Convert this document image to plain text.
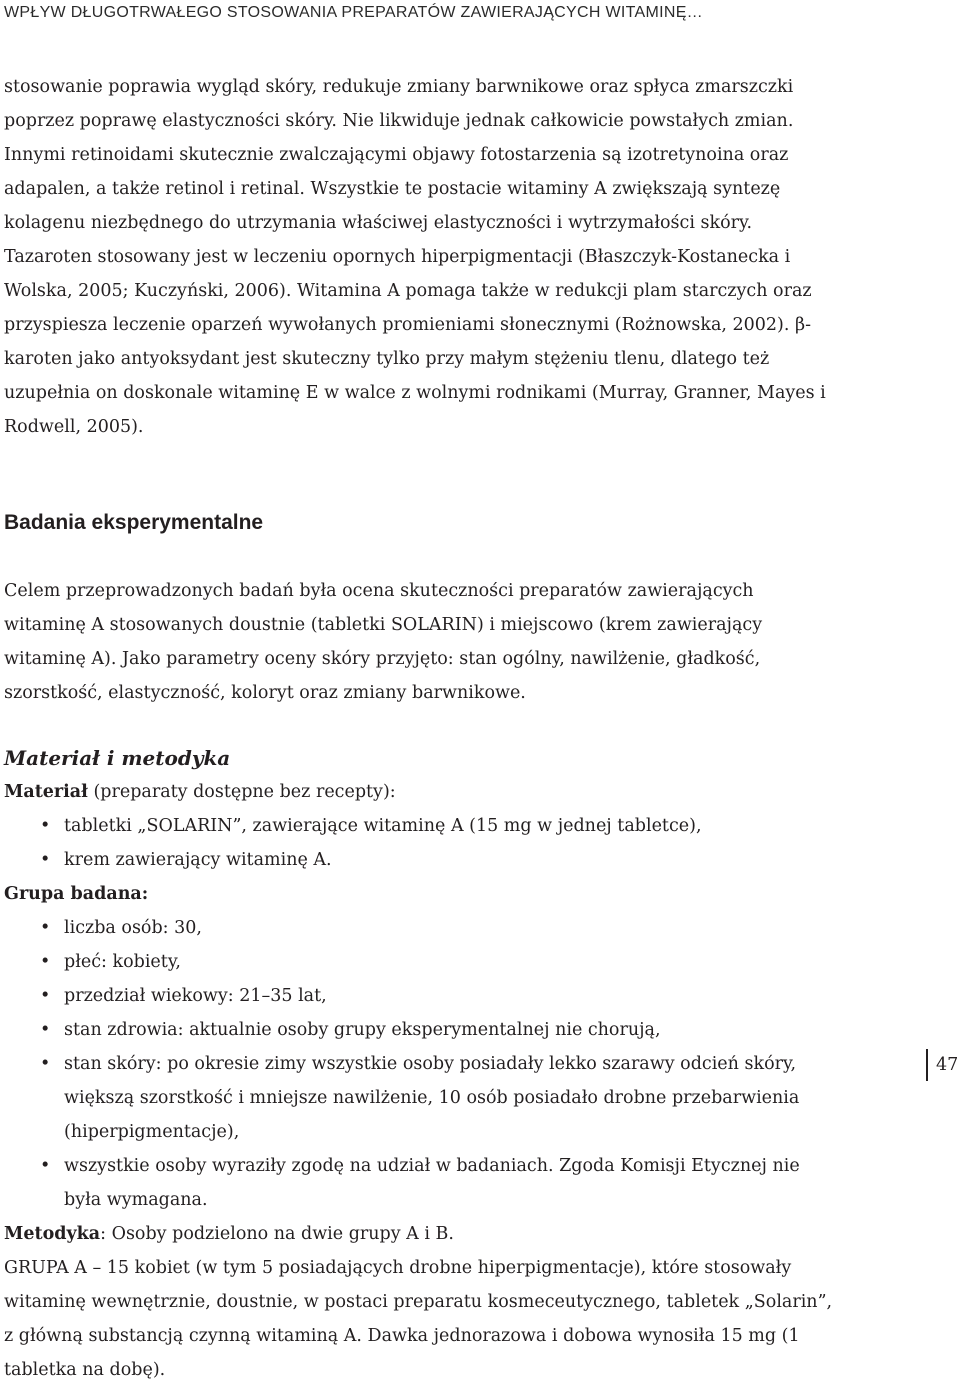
WPŁYW DŁUGOTRWAŁEGO STOSOWANIA PREPARATÓW ZAWIERAJĄCYCH WITAMINĘ…

stosowanie poprawia wygląd skóry, redukuje zmiany barwnikowe oraz spłyca zmarszczki poprzez poprawę elastyczności skóry. Nie likwiduje jednak całkowicie powstałych zmian. Innymi retinoidami skutecznie zwalczającymi objawy fotostarzenia są izotretynoina oraz adapalen, a także retinol i retinal. Wszystkie te postacie witaminy A zwiększają syntezę kolagenu niezbędnego do utrzymania właściwej elastyczności i wytrzymałości skóry. Tazaroten stosowany jest w leczeniu opornych hiperpigmentacji (Błaszczyk-Kostanecka i Wolska, 2005; Kuczyński, 2006). Witamina A pomaga także w redukcji plam starczych oraz przyspiesza leczenie oparzeń wywołanych promieniami słonecznymi (Rożnowska, 2002). β-karoten jako antyoksydant jest skuteczny tylko przy małym stężeniu tlenu, dlatego też uzupełnia on doskonale witaminę E w walce z wolnymi rodnikami (Murray, Granner, Mayes i Rodwell, 2005).

Badania eksperymentalne

Celem przeprowadzonych badań była ocena skuteczności preparatów zawierających witaminę A stosowanych doustnie (tabletki SOLARIN) i miejscowo (krem zawierający witaminę A). Jako parametry oceny skóry przyjęto: stan ogólny, nawilżenie, gładkość, szorstkość, elastyczność, koloryt oraz zmiany barwnikowe.

Materiał i metodyka

Materiał (preparaty dostępne bez recepty):

• tabletki „SOLARIN”, zawierające witaminę A (15 mg w jednej tabletce),
• krem zawierający witaminę A.

Grupa badana:

• liczba osób: 30,
• płeć: kobiety,
• przedział wiekowy: 21–35 lat,
• stan zdrowia: aktualnie osoby grupy eksperymentalnej nie chorują,
• stan skóry: po okresie zimy wszystkie osoby posiadały lekko szarawy odcień skóry, większą szorstkość i mniejsze nawilżenie, 10 osób posiadało drobne przebarwienia (hiperpigmentacje),
• wszystkie osoby wyraziły zgodę na udział w badaniach. Zgoda Komisji Etycznej nie była wymagana.

Metodyka: Osoby podzielono na dwie grupy A i B.

GRUPA A – 15 kobiet (w tym 5 posiadających drobne hiperpigmentacje), które stosowały witaminę wewnętrznie, doustnie, w postaci preparatu kosmeceutycznego, tabletek „Solarin”, z główną substancją czynną witaminą A. Dawka jednorazowa i dobowa wynosiła 15 mg (1 tabletka na dobę).

47
